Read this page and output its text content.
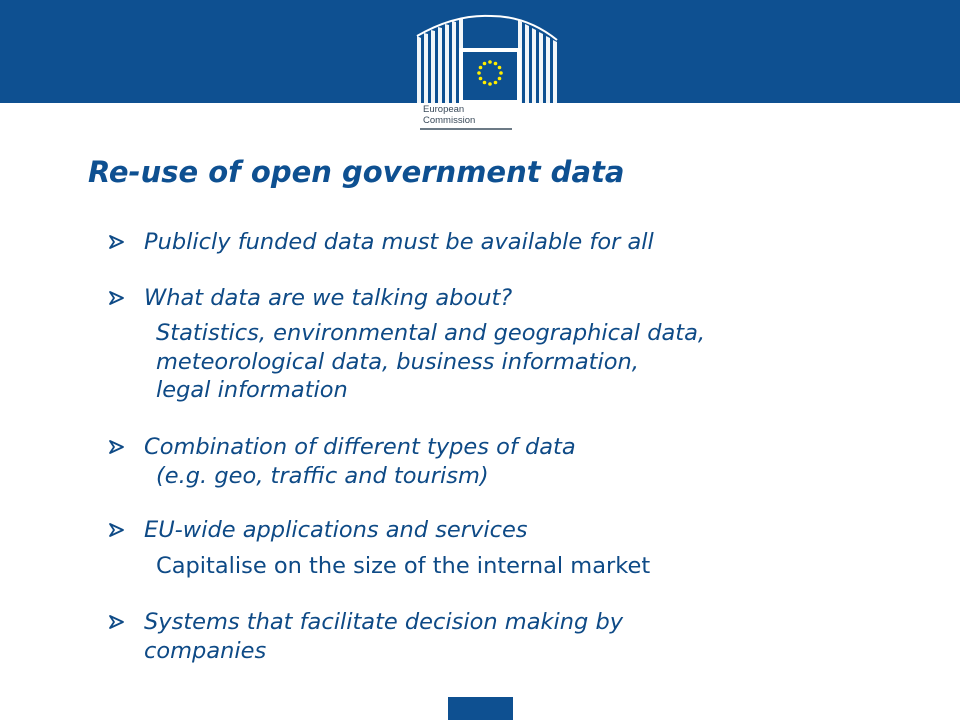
European
Commission
Re-use of open government data
Publicly funded data must be available for all
What data are we talking about?
Statistics, environmental and geographical data,
meteorological data, business information,
legal information
Combination of different types of data
(e.g. geo, traffic and tourism)
EU-wide applications and services
Capitalise on the size of the internal market
Systems that facilitate decision making by
companies
